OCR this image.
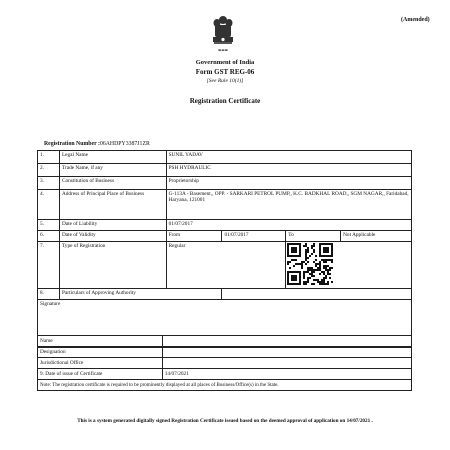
(Amended)
▬▬▬
Government of India
Form GST REG-06
[See Rule 10(1)]
Registration Certificate
Registration Number :06AHDPY3387J1ZR
1.	Legal Name	SUNIL YADAV			
2.	Trade Name, if any	PSH HYDRAULIC			
3.	Constitution of Business	Proprietorship			
4.	Address of Principal Place of Business	G-113A - Basement,, OPP. - SARKARI PETROL PUMP,, K.C. BADKHAL ROAD,, SGM NAGAR,, Faridabad, Haryana, 121001			
5.	Date of Liability	01/07/2017			
6.	Date of Validity	From	01/07/2017	To	Not Applicable
7.	Type of Registration	Regular	
8.	Particulars of Approving Authority				
Signature					
Name	
Designation	
Jurisdictional Office	
9. Date of issue of Certificate	14/07/2021
Note: The registration certificate is required to be prominently displayed at all places of Business/Office(s) in the State.	
This is a system generated digitally signed Registration Certificate issued based on the deemed approval of application on 14/07/2021 .
